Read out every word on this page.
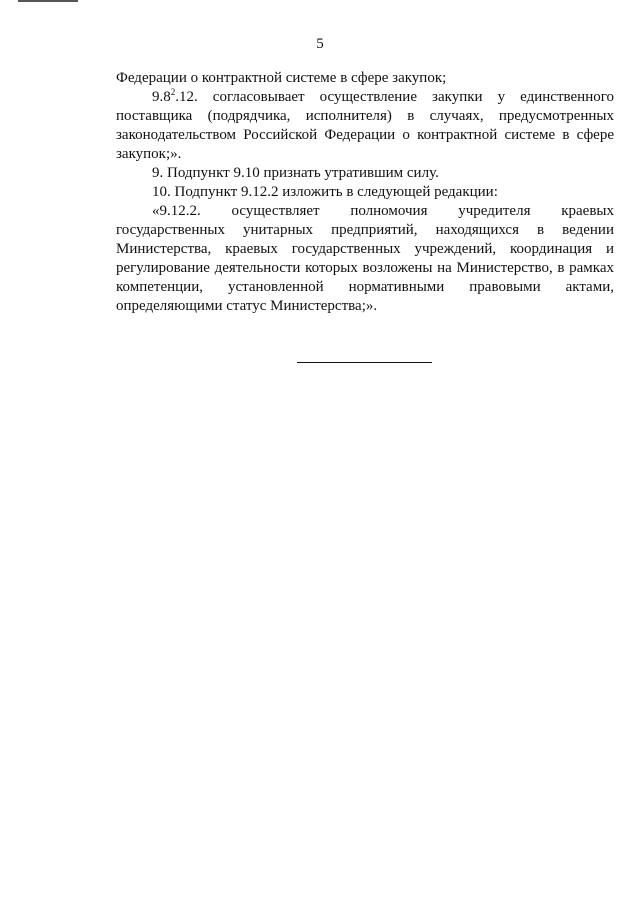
5

Федерации о контрактной системе в сфере закупок;

$9.8^2.12$. согласовывает осуществление закупки у единственного поставщика (подрядчика, исполнителя) в случаях, предусмотренных законодательством Российской Федерации о контрактной системе в сфере закупок;».

9. Подпункт 9.10 признать утратившим силу.

10. Подпункт 9.12.2 изложить в следующей редакции:

«9.12.2. осуществляет полномочия учредителя краевых государственных унитарных предприятий, находящихся в ведении Министерства, краевых государственных учреждений, координация и регулирование деятельности которых возложены на Министерство, в рамках компетенции, установленной нормативными правовыми актами, определяющими статус Министерства;».
